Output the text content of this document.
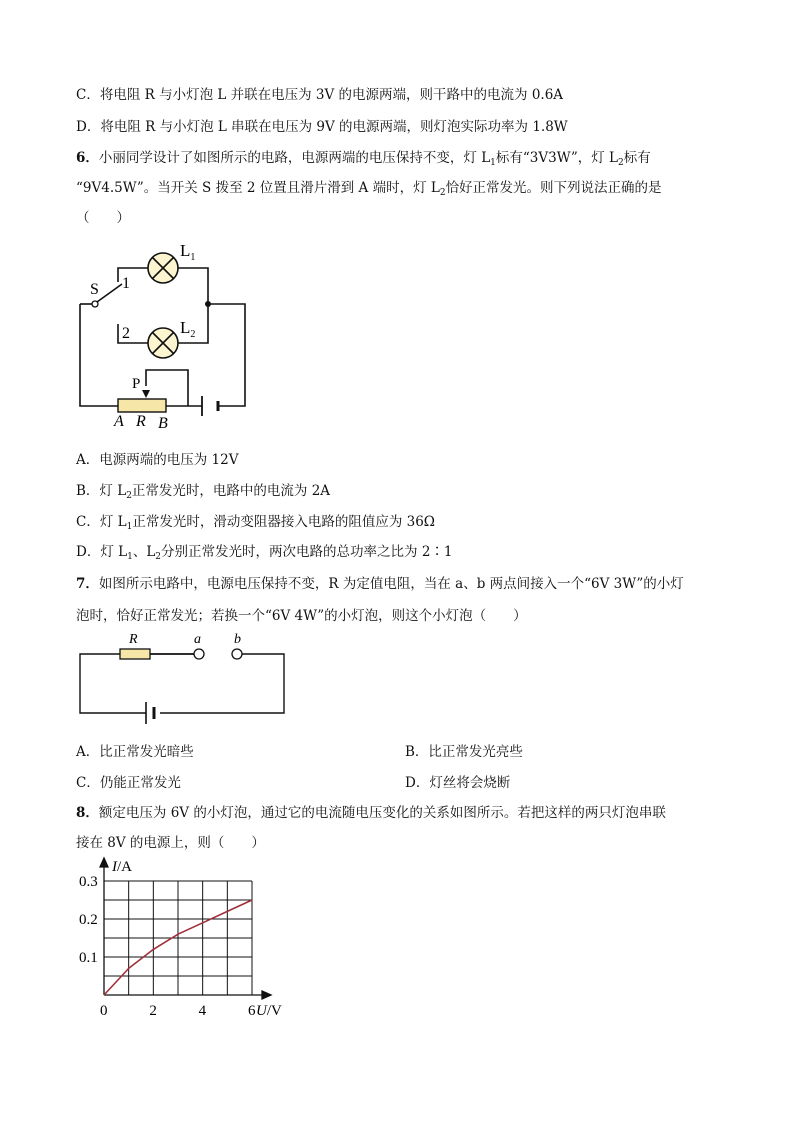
C．将电阻 R 与小灯泡 L 并联在电压为 3V 的电源两端，则干路中的电流为 0.6A
D．将电阻 R 与小灯泡 L 串联在电压为 9V 的电源两端，则灯泡实际功率为 1.8W
6．小丽同学设计了如图所示的电路，电源两端的电压保持不变，灯 $L_1$标有“3V3W”，灯 $L_2$标有
“9V4.5W”。当开关 S 拨至 2 位置且滑片滑到 A 端时，灯 $L_2$恰好正常发光。则下列说法正确的是
（　　）
$L_1$
$L_2$
S 1
2
P
A R B
A．电源两端的电压为 12V
B．灯 $L_2$正常发光时，电路中的电流为 2A
C．灯 $L_1$正常发光时，滑动变阻器接入电路的阻值应为 36Ω
D．灯 $L_1$、$L_2$分别正常发光时，两次电路的总功率之比为 2∶1
7．如图所示电路中，电源电压保持不变，R 为定值电阻，当在 a、b 两点间接入一个“6V 3W”的小灯
泡时，恰好正常发光；若换一个“6V 4W”的小灯泡，则这个小灯泡（　　）
R	a b
A．比正常发光暗些	B．比正常发光亮些
C．仍能正常发光	D．灯丝将会烧断
8．额定电压为 6V 的小灯泡，通过它的电流随电压变化的关系如图所示。若把这样的两只灯泡串联
接在 8V 的电源上，则（　　）
0	2	4	6
0.1
0.2
0.3
I/A
U/V
